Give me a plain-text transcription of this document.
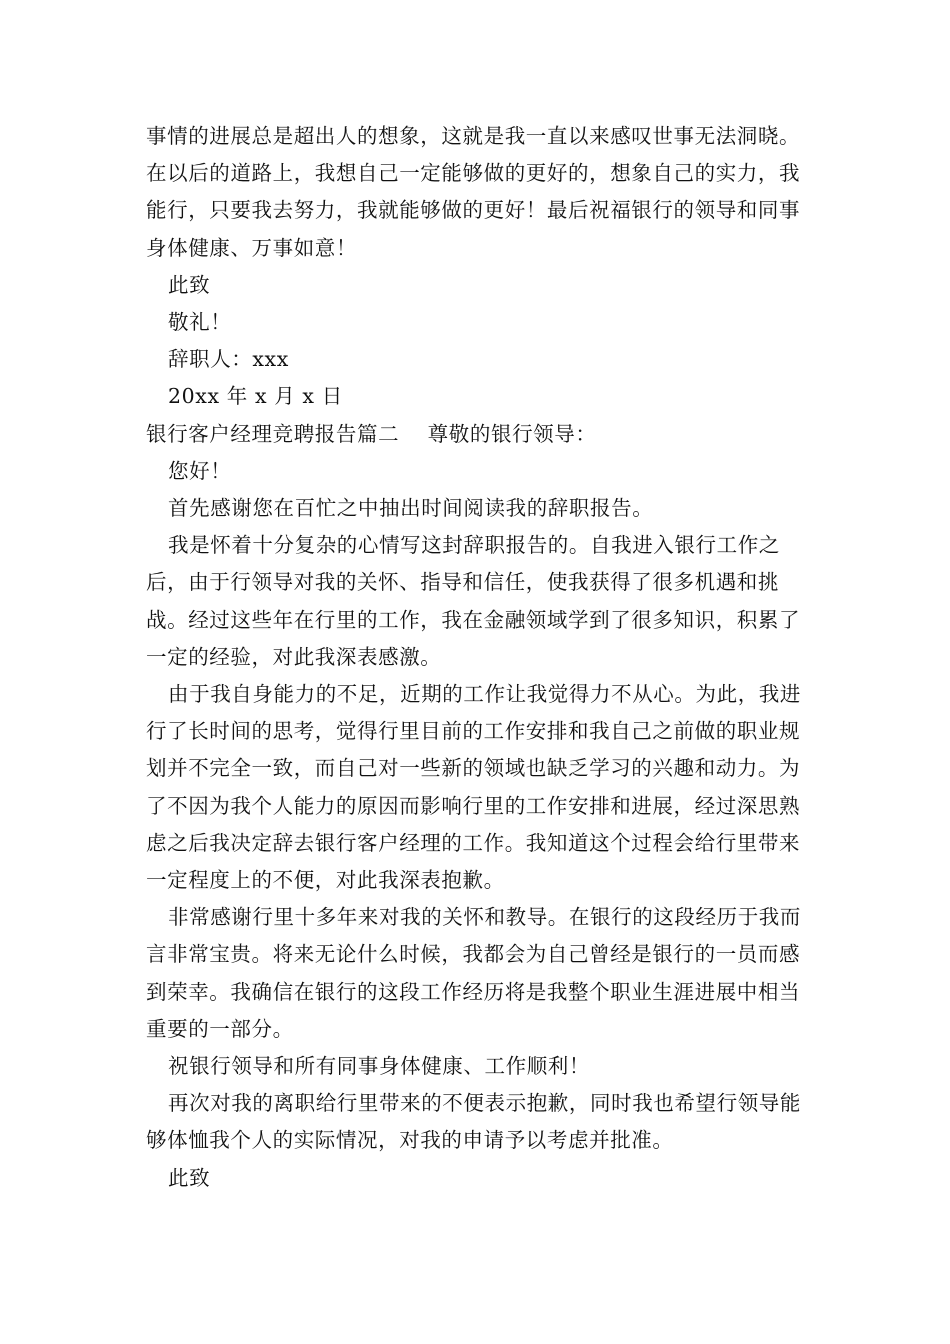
事情的进展总是超出人的想象，这就是我一直以来感叹世事无法洞晓。在以后的道路上，我想自己一定能够做的更好的，想象自己的实力，我能行，只要我去努力，我就能够做的更好！最后祝福银行的领导和同事身体健康、万事如意！

此致

敬礼！

辞职人：xxx

20xx 年 x 月 x 日

银行客户经理竞聘报告篇二    尊敬的银行领导：

您好！

首先感谢您在百忙之中抽出时间阅读我的辞职报告。

我是怀着十分复杂的心情写这封辞职报告的。自我进入银行工作之后，由于行领导对我的关怀、指导和信任，使我获得了很多机遇和挑战。经过这些年在行里的工作，我在金融领域学到了很多知识，积累了一定的经验，对此我深表感激。

由于我自身能力的不足，近期的工作让我觉得力不从心。为此，我进行了长时间的思考，觉得行里目前的工作安排和我自己之前做的职业规划并不完全一致，而自己对一些新的领域也缺乏学习的兴趣和动力。为了不因为我个人能力的原因而影响行里的工作安排和进展，经过深思熟虑之后我决定辞去银行客户经理的工作。我知道这个过程会给行里带来一定程度上的不便，对此我深表抱歉。

非常感谢行里十多年来对我的关怀和教导。在银行的这段经历于我而言非常宝贵。将来无论什么时候，我都会为自己曾经是银行的一员而感到荣幸。我确信在银行的这段工作经历将是我整个职业生涯进展中相当重要的一部分。

祝银行领导和所有同事身体健康、工作顺利！

再次对我的离职给行里带来的不便表示抱歉，同时我也希望行领导能够体恤我个人的实际情况，对我的申请予以考虑并批准。

此致
